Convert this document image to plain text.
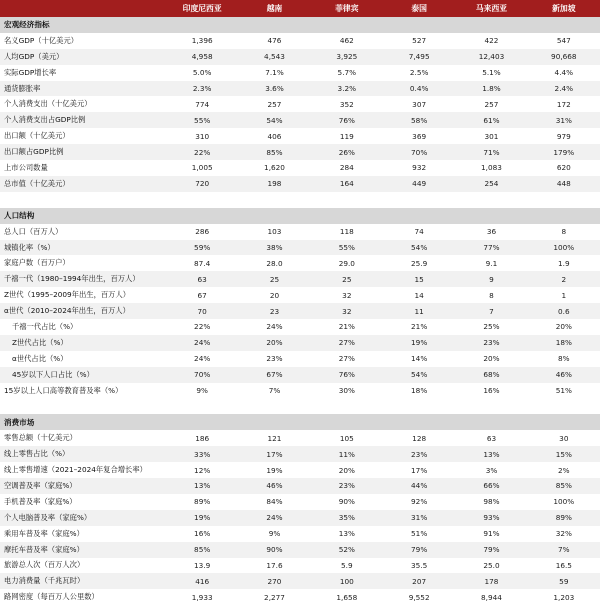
	印度尼西亚	越南	菲律宾	泰国	马来西亚	新加坡
宏观经济指标						
名义GDP（十亿美元）	1,396	476	462	527	422	547
人均GDP（美元）	4,958	4,543	3,925	7,495	12,403	90,668
实际GDP增长率	5.0%	7.1%	5.7%	2.5%	5.1%	4.4%
通货膨胀率	2.3%	3.6%	3.2%	0.4%	1.8%	2.4%
个人消费支出（十亿美元）	774	257	352	307	257	172
个人消费支出占GDP比例	55%	54%	76%	58%	61%	31%
出口额（十亿美元）	310	406	119	369	301	979
出口额占GDP比例	22%	85%	26%	70%	71%	179%
上市公司数量	1,005	1,620	284	932	1,083	620
总市值（十亿美元）	720	198	164	449	254	448

人口结构						
总人口（百万人）	286	103	118	74	36	8
城镇化率（%）	59%	38%	55%	54%	77%	100%
家庭户数（百万户）	87.4	28.0	29.0	25.9	9.1	1.9
千禧一代（1980–1994年出生，百万人）	63	25	25	15	9	2
Z世代（1995–2009年出生，百万人）	67	20	32	14	8	1
α世代（2010–2024年出生，百万人）	70	23	32	11	7	0.6
千禧一代占比（%）	22%	24%	21%	21%	25%	20%
Z世代占比（%）	24%	20%	27%	19%	23%	18%
α世代占比（%）	24%	23%	27%	14%	20%	8%
45岁以下人口占比（%）	70%	67%	76%	54%	68%	46%
15岁以上人口高等教育普及率（%）	9%	7%	30%	18%	16%	51%

消费市场						
零售总额（十亿美元）	186	121	105	128	63	30
线上零售占比（%）	33%	17%	11%	23%	13%	15%
线上零售增速（2021–2024年复合增长率）	12%	19%	20%	17%	3%	2%
空调普及率（家庭%）	13%	46%	23%	44%	66%	85%
手机普及率（家庭%）	89%	84%	90%	92%	98%	100%
个人电脑普及率（家庭%）	19%	24%	35%	31%	93%	89%
乘用车普及率（家庭%）	16%	9%	13%	51%	91%	32%
摩托车普及率（家庭%）	85%	90%	52%	79%	79%	7%
旅游总人次（百万人次）	13.9	17.6	5.9	35.5	25.0	16.5
电力消费量（千兆瓦时）	416	270	100	207	178	59
路网密度（每百万人公里数）	1,933	2,277	1,658	9,552	8,944	1,203
